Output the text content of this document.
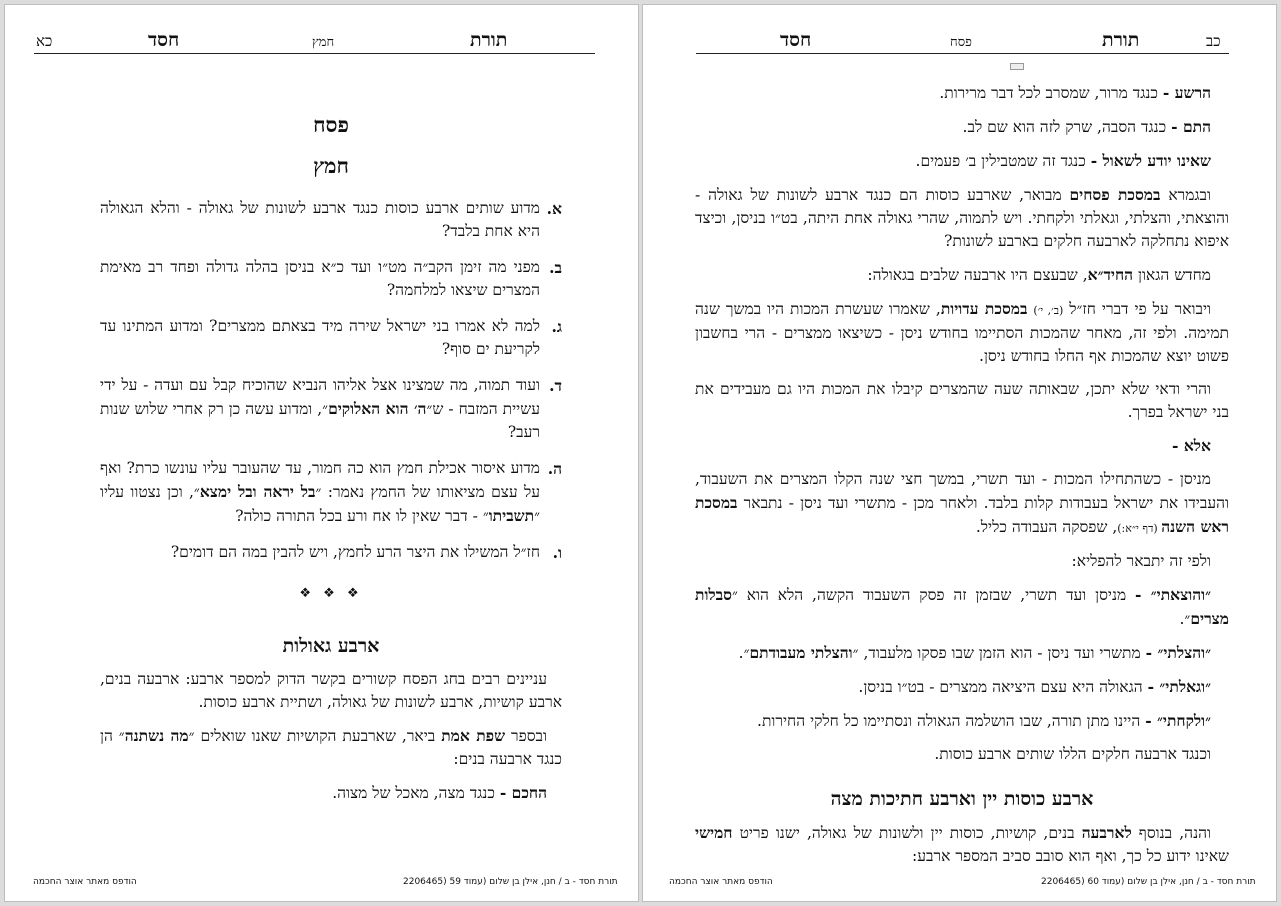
כא	חסד	חמץ	תורת

פסח

חמץ

א.
מדוע שותים ארבע כוסות כנגד ארבע לשונות של גאולה - והלא הגאולה היא אחת בלבד?
ב.
מפני מה זימן הקב״ה מט״ו ועד כ״א בניסן בהלה גדולה ופחד רב מאימת המצרים שיצאו למלחמה?
ג.
למה לא אמרו בני ישראל שירה מיד בצאתם ממצרים? ומדוע המתינו עד לקריעת ים סוף?
ד.
ועוד תמוה, מה שמצינו אצל אליהו הנביא שהוכיח קבל עם ועדה - על ידי עשיית המזבח - ש״ה׳ הוא האלוקים״, ומדוע עשה כן רק אחרי שלוש שנות רעב?
ה.
מדוע איסור אכילת חמץ הוא כה חמור, עד שהעובר עליו עונשו כרת? ואף על עצם מציאותו של החמץ נאמר: ״בל יראה ובל ימצא״, וכן נצטוו עליו ״תשביתו״ - דבר שאין לו אח ורע בכל התורה כולה?
ו.
חז״ל המשילו את היצר הרע לחמץ, ויש להבין במה הם דומים?
❖ ❖ ❖
ארבע גאולות
עניינים רבים בחג הפסח קשורים בקשר הדוק למספר ארבע: ארבעה בנים, ארבע קושיות, ארבע לשונות של גאולה, ושתיית ארבע כוסות.
ובספר שפת אמת ביאר, שארבעת הקושיות שאנו שואלים ״מה נשתנה״ הן כנגד ארבעה בנים:
החכם - כנגד מצה, מאכל של מצוה.
הודפס מאתר אוצר החכמה	תורת חסד - ב / חנן, אילן בן שלום (עמוד 59 (2206465
חסד	פסח	תורת	כב
הרשע - כנגד מרור, שמסרב לכל דבר מרירות.
התם - כנגד הסבה, שרק לזה הוא שם לב.
שאינו יודע לשאול - כנגד זה שמטבילין ב׳ פעמים.
ובגמרא במסכת פסחים מבואר, שארבע כוסות הם כנגד ארבע לשונות של גאולה - והוצאתי, והצלתי, וגאלתי ולקחתי. ויש לתמוה, שהרי גאולה אחת היתה, בט״ו בניסן, וכיצד איפוא נתחלקה לארבעה חלקים בארבע לשונות?
מחדש הגאון החיד״א, שבעצם היו ארבעה שלבים בגאולה:
ויבואר על פי דברי חז״ל (ב׳, י׳) במסכת עדויות, שאמרו שעשרת המכות היו במשך שנה תמימה. ולפי זה, מאחר שהמכות הסתיימו בחודש ניסן - כשיצאו ממצרים - הרי בחשבון פשוט יוצא שהמכות אף החלו בחודש ניסן.
והרי ודאי שלא יתכן, שבאותה שעה שהמצרים קיבלו את המכות היו גם מעבידים את בני ישראל בפרך.
אלא -
מניסן - כשהתחילו המכות - ועד תשרי, במשך חצי שנה הקלו המצרים את השעבוד, והעבידו את ישראל בעבודות קלות בלבד. ולאחר מכן - מתשרי ועד ניסן - נתבאר במסכת ראש השנה (דף י״א:), שפסקה העבודה כליל.
ולפי זה יתבאר להפליא:
״והוצאתי״ - מניסן ועד תשרי, שבזמן זה פסק השעבוד הקשה, הלא הוא ״סבלות מצרים״.
״והצלתי״ - מתשרי ועד ניסן - הוא הזמן שבו פסקו מלעבוד, ״והצלתי מעבודתם״.
״וגאלתי״ - הגאולה היא עצם היציאה ממצרים - בט״ו בניסן.
״ולקחתי״ - היינו מתן תורה, שבו הושלמה הגאולה ונסתיימו כל חלקי החירות.
וכנגד ארבעה חלקים הללו שותים ארבע כוסות.
ארבע כוסות יין וארבע חתיכות מצה
והנה, בנוסף לארבעה בנים, קושיות, כוסות יין ולשונות של גאולה, ישנו פריט חמישי שאינו ידוע כל כך, ואף הוא סובב סביב המספר ארבע:
הודפס מאתר אוצר החכמה	תורת חסד - ב / חנן, אילן בן שלום (עמוד 60 (2206465
